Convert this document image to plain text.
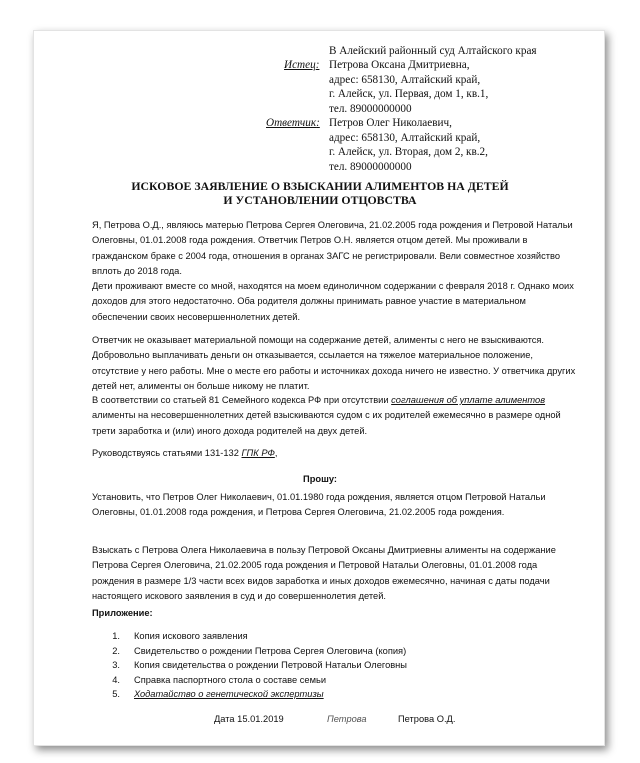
В Алейский районный суд Алтайского края
Истец: Петрова Оксана Дмитриевна,
адрес: 658130, Алтайский край,
г. Алейск, ул. Первая, дом 1, кв.1,
тел. 89000000000
Ответчик: Петров Олег Николаевич,
адрес: 658130, Алтайский край,
г. Алейск, ул. Вторая, дом 2, кв.2,
тел. 89000000000
ИСКОВОЕ ЗАЯВЛЕНИЕ О ВЗЫСКАНИИ АЛИМЕНТОВ НА ДЕТЕЙ
И УСТАНОВЛЕНИИ ОТЦОВСТВА

Я, Петрова О.Д., являюсь матерью Петрова Сергея Олеговича, 21.02.2005 года рождения и Петровой Натальи Олеговны, 01.01.2008 года рождения. Ответчик Петров О.Н. является отцом детей. Мы проживали в гражданском браке с 2004 года, отношения в органах ЗАГС не регистрировали. Вели совместное хозяйство вплоть до 2018 года.

Дети проживают вместе со мной, находятся на моем единоличном содержании с февраля 2018 г. Однако моих доходов для этого недостаточно. Оба родителя должны принимать равное участие в материальном обеспечении своих несовершеннолетних детей.

Ответчик не оказывает материальной помощи на содержание детей, алименты с него не взыскиваются. Добровольно выплачивать деньги он отказывается, ссылается на тяжелое материальное положение, отсутствие у него работы. Мне о месте его работы и источниках дохода ничего не известно. У ответчика других детей нет, алименты он больше никому не платит.

В соответствии со статьей 81 Семейного кодекса РФ при отсутствии соглашения об уплате алиментов алименты на несовершеннолетних детей взыскиваются судом с их родителей ежемесячно в размере одной трети заработка и (или) иного дохода родителей на двух детей.

Руководствуясь статьями 131-132 ГПК РФ,

Прошу:

Установить, что Петров Олег Николаевич, 01.01.1980 года рождения, является отцом Петровой Натальи Олеговны, 01.01.2008 года рождения, и Петрова Сергея Олеговича, 21.02.2005 года рождения.

Взыскать с Петрова Олега Николаевича в пользу Петровой Оксаны Дмитриевны алименты на содержание Петрова Сергея Олеговича, 21.02.2005 года рождения и Петровой Натальи Олеговны, 01.01.2008 года рождения в размере 1/3 части всех видов заработка и иных доходов ежемесячно, начиная с даты подачи настоящего искового заявления в суд и до совершеннолетия детей.

Приложение:
1. Копия искового заявления
2. Свидетельство о рождении Петрова Сергея Олеговича (копия)
3. Копия свидетельства о рождении Петровой Натальи Олеговны
4. Справка паспортного стола о составе семьи
5. Ходатайство о генетической экспертизы
Дата 15.01.2019	Петрова	Петрова О.Д.
